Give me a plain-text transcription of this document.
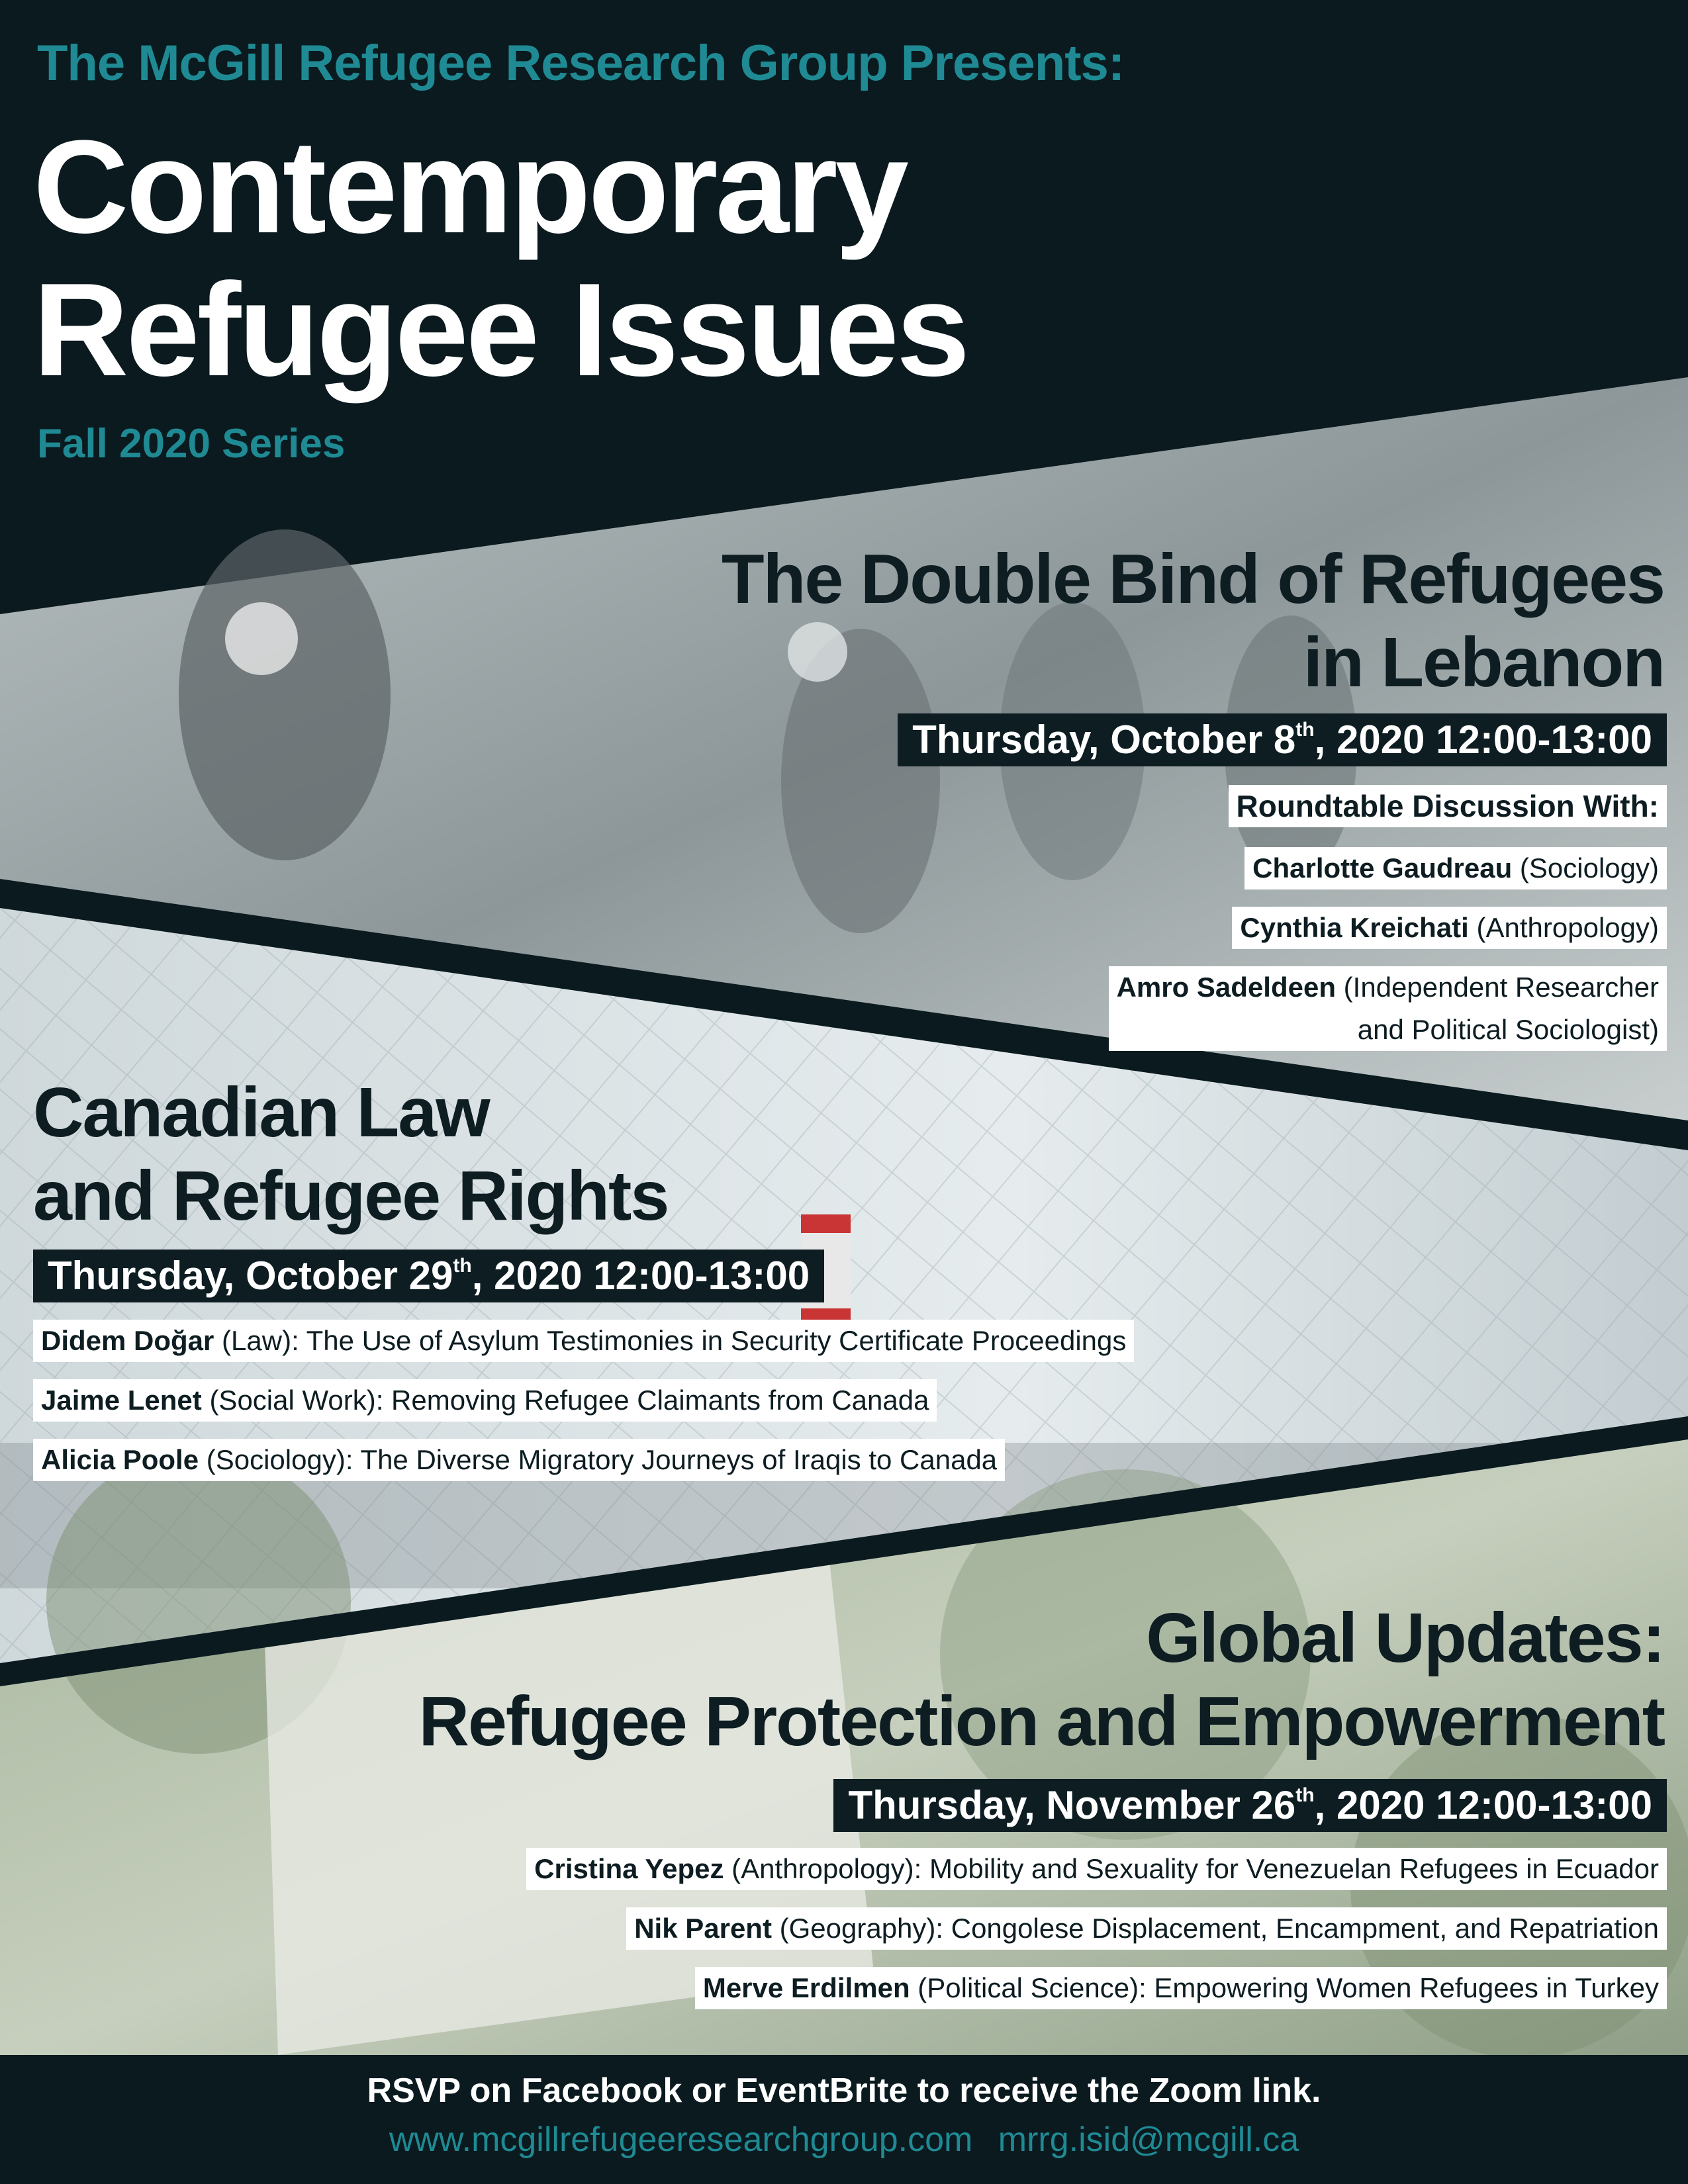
The McGill Refugee Research Group Presents:
Contemporary
Refugee Issues
Fall 2020 Series
The Double Bind of Refugees
in Lebanon
Thursday, October 8th, 2020 12:00-13:00
Roundtable Discussion With:
Charlotte Gaudreau (Sociology)
Cynthia Kreichati (Anthropology)
Amro Sadeldeen (Independent Researcher
and Political Sociologist)
Canadian Law
and Refugee Rights
Thursday, October 29th, 2020 12:00-13:00
Didem Doğar (Law): The Use of Asylum Testimonies in Security Certificate Proceedings
Jaime Lenet (Social Work): Removing Refugee Claimants from Canada
Alicia Poole (Sociology): The Diverse Migratory Journeys of Iraqis to Canada
Global Updates:
Refugee Protection and Empowerment
Thursday, November 26th, 2020 12:00-13:00
Cristina Yepez (Anthropology): Mobility and Sexuality for Venezuelan Refugees in Ecuador
Nik Parent (Geography): Congolese Displacement, Encampment, and Repatriation
Merve Erdilmen (Political Science): Empowering Women Refugees in Turkey
RSVP on Facebook or EventBrite to receive the Zoom link.
www.mcgillrefugeeresearchgroup.com mrrg.isid@mcgill.ca
